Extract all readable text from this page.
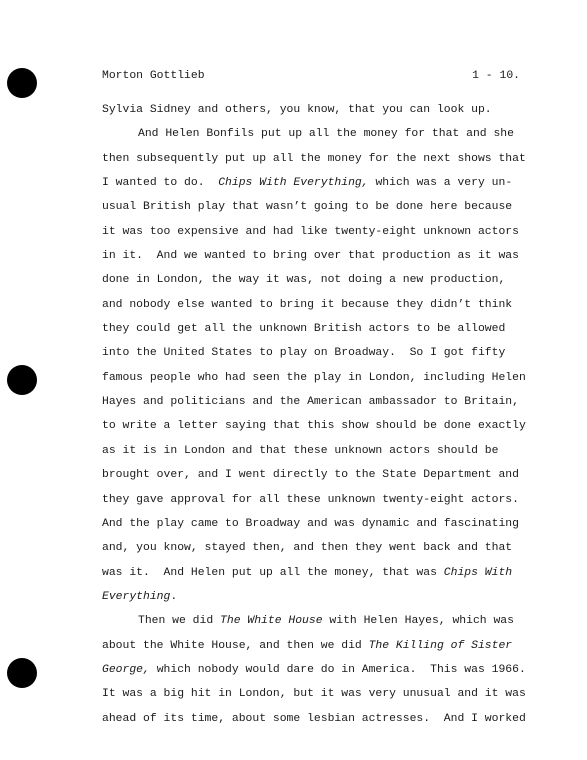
Morton Gottlieb	1 - 10.
Sylvia Sidney and others, you know, that you can look up.
And Helen Bonfils put up all the money for that and she
then subsequently put up all the money for the next shows that
I wanted to do.  Chips With Everything, which was a very un-
usual British play that wasn’t going to be done here because
it was too expensive and had like twenty-eight unknown actors
in it.  And we wanted to bring over that production as it was
done in London, the way it was, not doing a new production,
and nobody else wanted to bring it because they didn’t think
they could get all the unknown British actors to be allowed
into the United States to play on Broadway.  So I got fifty
famous people who had seen the play in London, including Helen
Hayes and politicians and the American ambassador to Britain,
to write a letter saying that this show should be done exactly
as it is in London and that these unknown actors should be
brought over, and I went directly to the State Department and
they gave approval for all these unknown twenty-eight actors.
And the play came to Broadway and was dynamic and fascinating
and, you know, stayed then, and then they went back and that
was it.  And Helen put up all the money, that was Chips With
Everything.
Then we did The White House with Helen Hayes, which was
about the White House, and then we did The Killing of Sister
George, which nobody would dare do in America.  This was 1966.
It was a big hit in London, but it was very unusual and it was
ahead of its time, about some lesbian actresses.  And I worked
